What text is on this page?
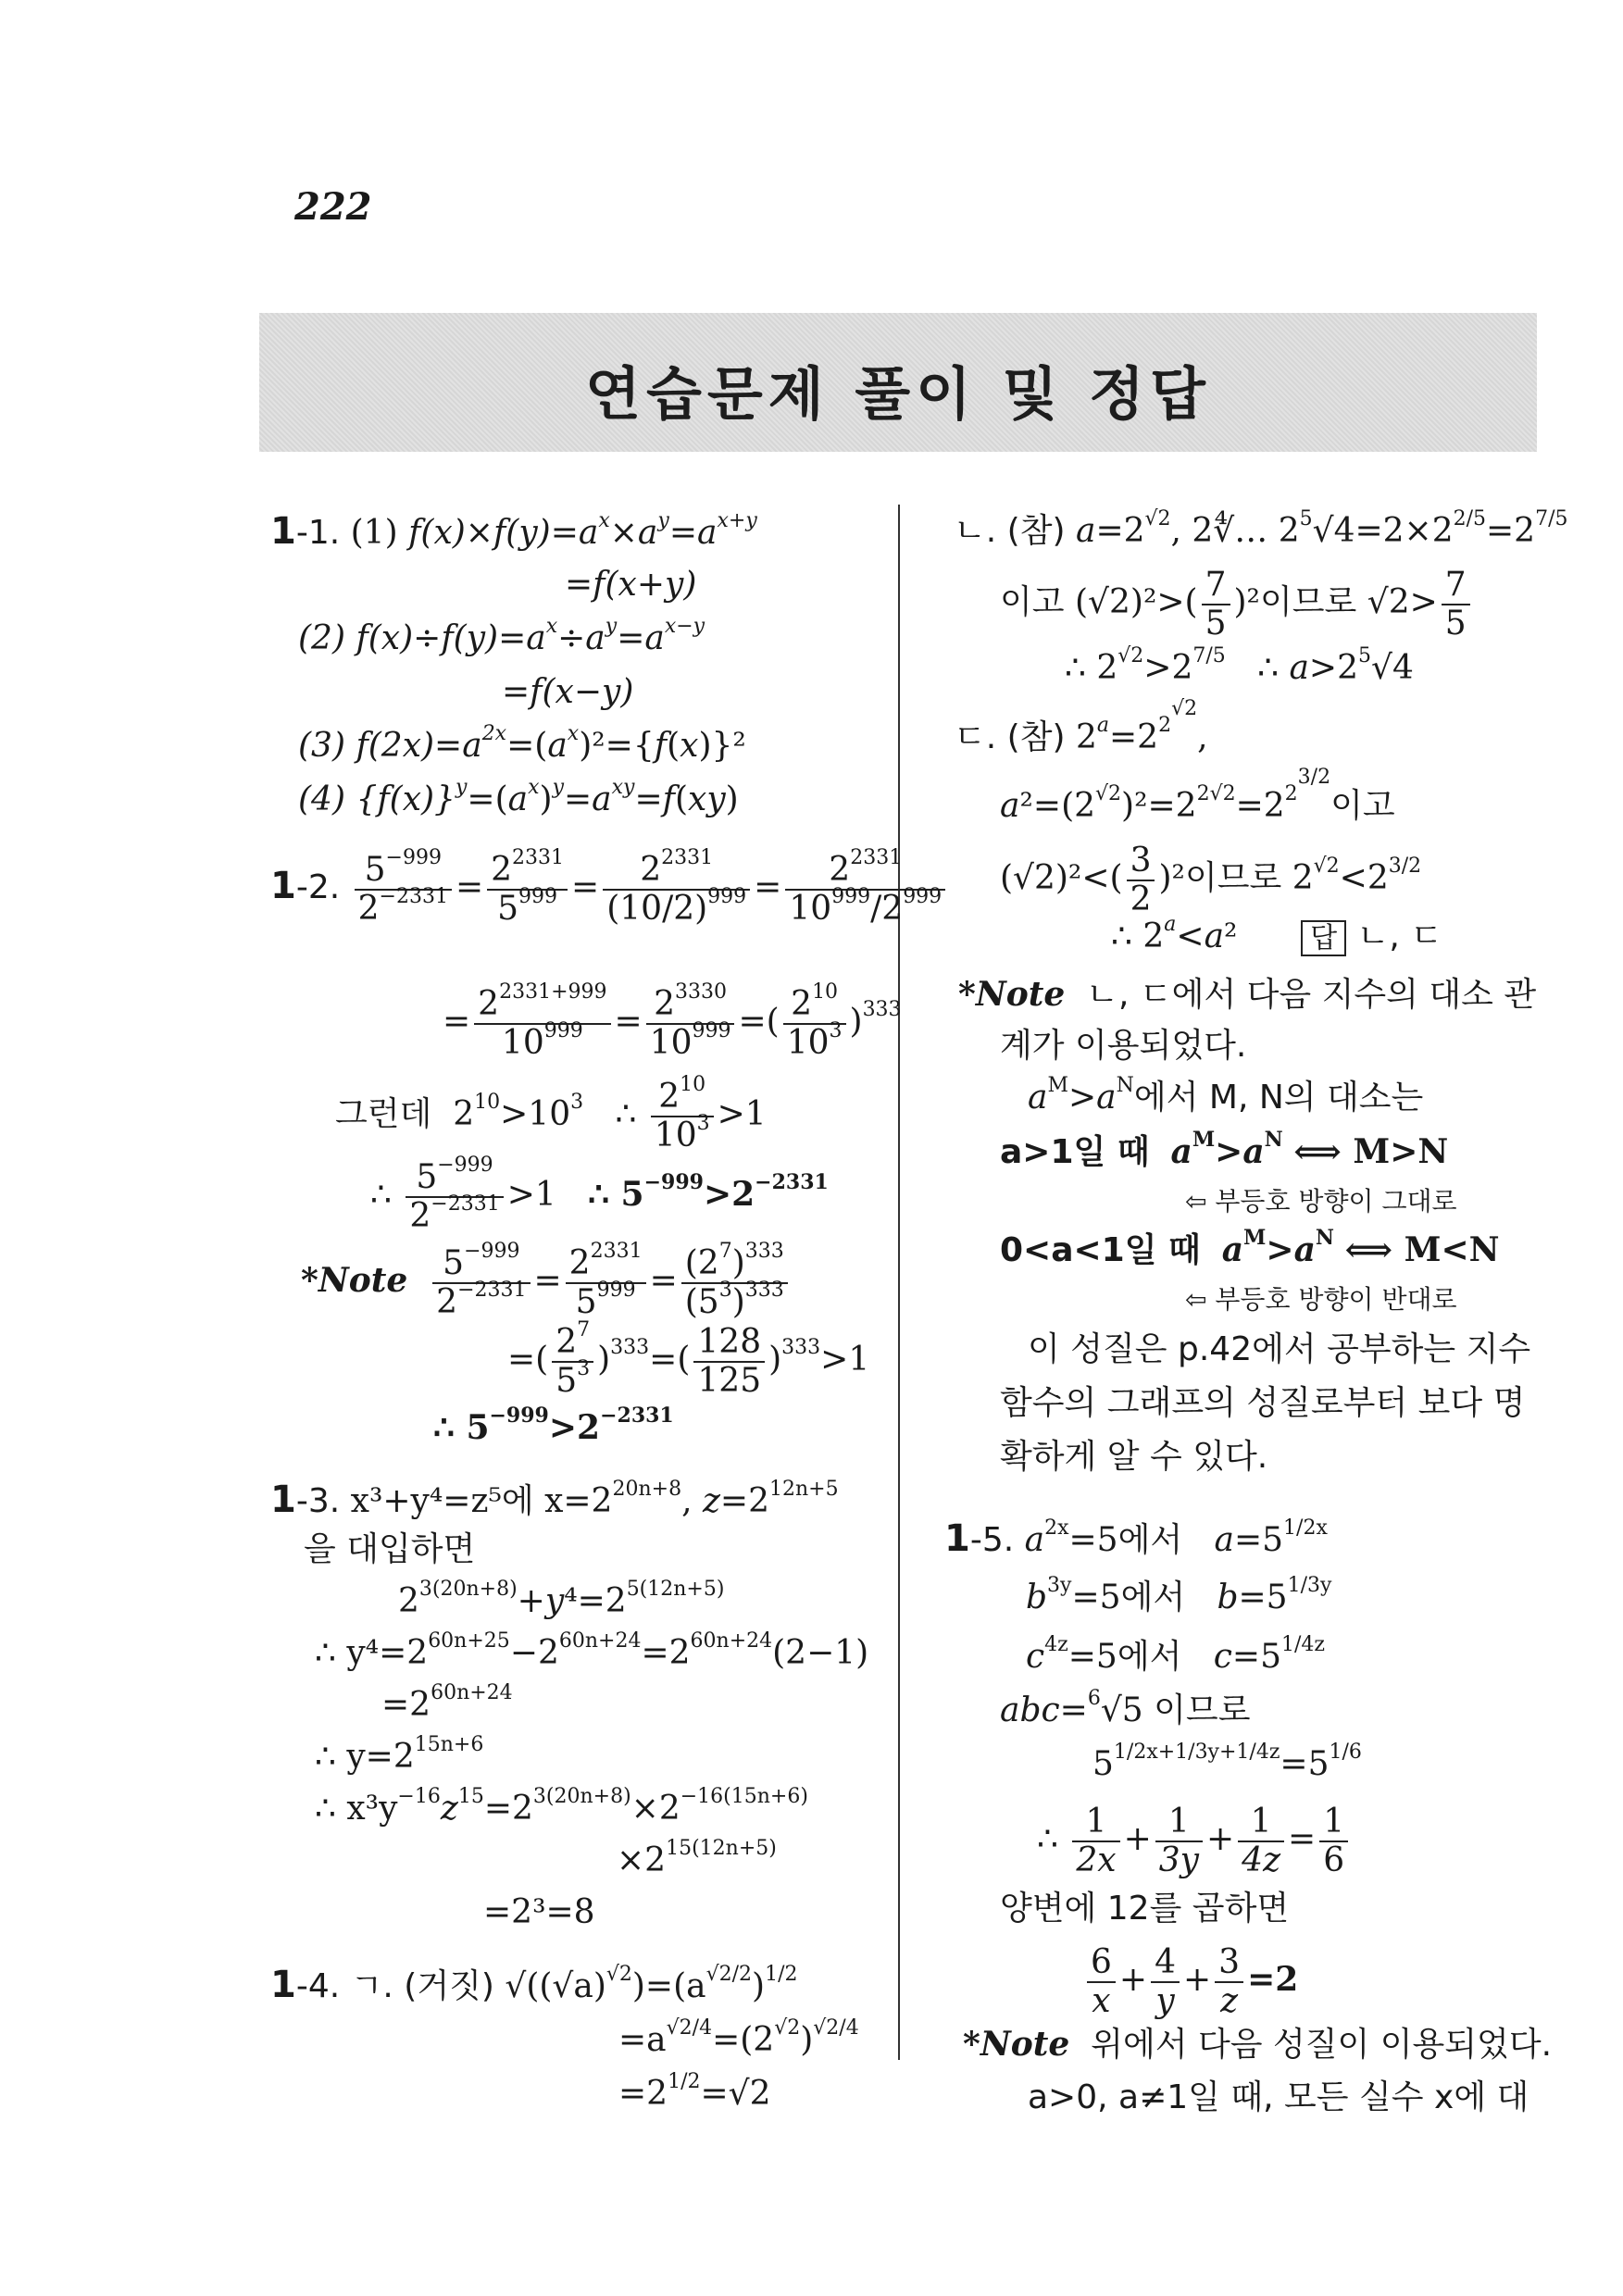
222
연습문제 풀이 및 정답
1-1. (1) $f(x)\times f(y)=a^x\times a^y=a^{x+y}$
=f(x+y)
(2) $f(x)\div f(y)=a^x\div a^y=a^{x-y}$
=f(x−y)
(3) $f(2x)=a^{2x}=(a^x)^2=\{f(x)\}^2$
(4) $\{f(x)\}^y=(a^x)^y=a^{xy}=f(xy)$
1-2. $\frac{5^{-999}}{2^{-2331}} = \frac{2^{2331}}{5^{999}} = \frac{2^{2331}}{(10/2)^{999}} = \frac{2^{2331}}{10^{999}/2^{999}}$
= $\frac{2^{2331+999}}{10^{999}} = \frac{2^{3330}}{10^{999}}$ =( $\frac{2^{10}}{10^3} )^{333}$
그런데  $2^{10}>10^3$   ∴ $\frac{2^{10}}{10^3} >1$
∴ $\frac{5^{-999}}{2^{-2331}} >1$   ∴ $5^{-999}>2^{-2331}$
*Note $\frac{5^{-999}}{2^{-2331}} = \frac{2^{2331}}{5^{999}} = \frac{(2^7)^{333}}{(5^3)^{333}}$
=( $\frac{2^7}{5^3} )^{333}=( \frac{128}{125} )^{333}>1$
∴ $5^{-999}>2^{-2331}$
1-3. x³+y⁴=z⁵에 $x=2^{20n+8}$, $z=2^{12n+5}$
을 대입하면
$2^{3(20n+8)}+y^4=2^{5(12n+5)}$
∴ $y^4=2^{60n+25}-2^{60n+24}=2^{60n+24}(2-1)$
$=2^{60n+24}$
∴ $y=2^{15n+6}$
∴ $x^3y^{-16}z^{15}=2^{3(20n+8)}\times 2^{-16(15n+6)}$
$\times 2^{15(12n+5)}$
=2³=8
1-4. ㄱ. (거짓) $√((√a)^{√2})=(a^{√2/2})^{1/2}$
$=a^{√2/4}=(2^{√2})^{√2/4}$
$=2^{1/2}=√2$
ㄴ. (참) $a=2^{√2}$, 2∜… $2^5√4=2\times 2^{2/5}=2^{7/5}$
이고 $(√2)^2>( \frac{7}{5} )^2$이므로 $√2> \frac{7}{5}$
∴ $2^{√2}>2^{7/5}$   ∴ $a>2^5√4$
ㄷ. (참) $2^a=2^{2^{√2}}$,
$a^2=(2^{√2})^2=2^{2√2}=2^{2^{3/2}}$이고
$(√2)^2<( \frac{3}{2} )^2$이므로 $2^{√2}<2^{3/2}$
∴ $2^a<a^2$      답 ㄴ, ㄷ
*Note ㄴ, ㄷ에서 다음 지수의 대소 관
계가 이용되었다.
$a^M>a^N$에서 M, N의 대소는
a>1일 때 $a^M>a^N$ ⟺ M>N
⇦ 부등호 방향이 그대로
0<a<1일 때 $a^M>a^N$ ⟺ M<N
⇦ 부등호 방향이 반대로
이 성질은 p.42에서 공부하는 지수
함수의 그래프의 성질로부터 보다 명
확하게 알 수 있다.
1-5. $a^{2x}=5$에서 $a=5^{1/2x}$
$b^{3y}=5$에서 $b=5^{1/3y}$
$c^{4z}=5$에서 $c=5^{1/4z}$
abc=$^6$√5 이므로
$5^{1/2x+1/3y+1/4z}=5^{1/6}$
∴ $\frac{1}{2x} + \frac{1}{3y} + \frac{1}{4z} = \frac{1}{6}$
양변에 12를 곱하면
$\frac{6}{x} + \frac{4}{y} + \frac{3}{z} =2$
*Note 위에서 다음 성질이 이용되었다.
a>0, a≠1일 때, 모든 실수 x에 대
